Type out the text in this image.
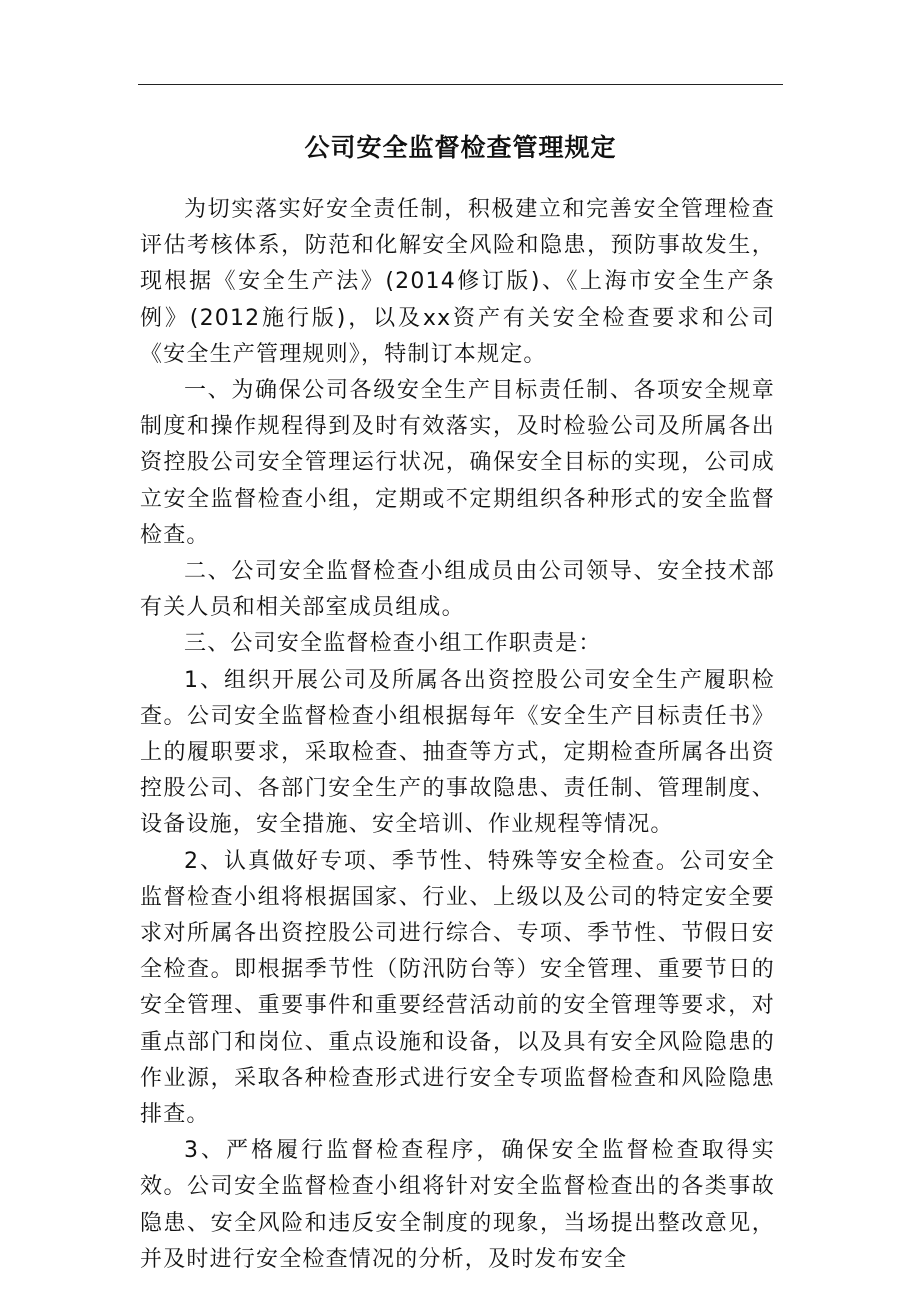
公司安全监督检查管理规定

为切实落实好安全责任制，积极建立和完善安全管理检查评估考核体系，防范和化解安全风险和隐患，预防事故发生，现根据《安全生产法》(2014修订版)、《上海市安全生产条例》(2012施行版)，以及xx资产有关安全检查要求和公司《安全生产管理规则》，特制订本规定。

一、为确保公司各级安全生产目标责任制、各项安全规章制度和操作规程得到及时有效落实，及时检验公司及所属各出资控股公司安全管理运行状况，确保安全目标的实现，公司成立安全监督检查小组，定期或不定期组织各种形式的安全监督检查。

二、公司安全监督检查小组成员由公司领导、安全技术部有关人员和相关部室成员组成。

三、公司安全监督检查小组工作职责是：

1、组织开展公司及所属各出资控股公司安全生产履职检查。公司安全监督检查小组根据每年《安全生产目标责任书》上的履职要求，采取检查、抽查等方式，定期检查所属各出资控股公司、各部门安全生产的事故隐患、责任制、管理制度、设备设施，安全措施、安全培训、作业规程等情况。

2、认真做好专项、季节性、特殊等安全检查。公司安全监督检查小组将根据国家、行业、上级以及公司的特定安全要求对所属各出资控股公司进行综合、专项、季节性、节假日安全检查。即根据季节性（防汛防台等）安全管理、重要节日的安全管理、重要事件和重要经营活动前的安全管理等要求，对重点部门和岗位、重点设施和设备，以及具有安全风险隐患的作业源，采取各种检查形式进行安全专项监督检查和风险隐患排查。

3、严格履行监督检查程序，确保安全监督检查取得实效。公司安全监督检查小组将针对安全监督检查出的各类事故隐患、安全风险和违反安全制度的现象，当场提出整改意见，并及时进行安全检查情况的分析，及时发布安全
